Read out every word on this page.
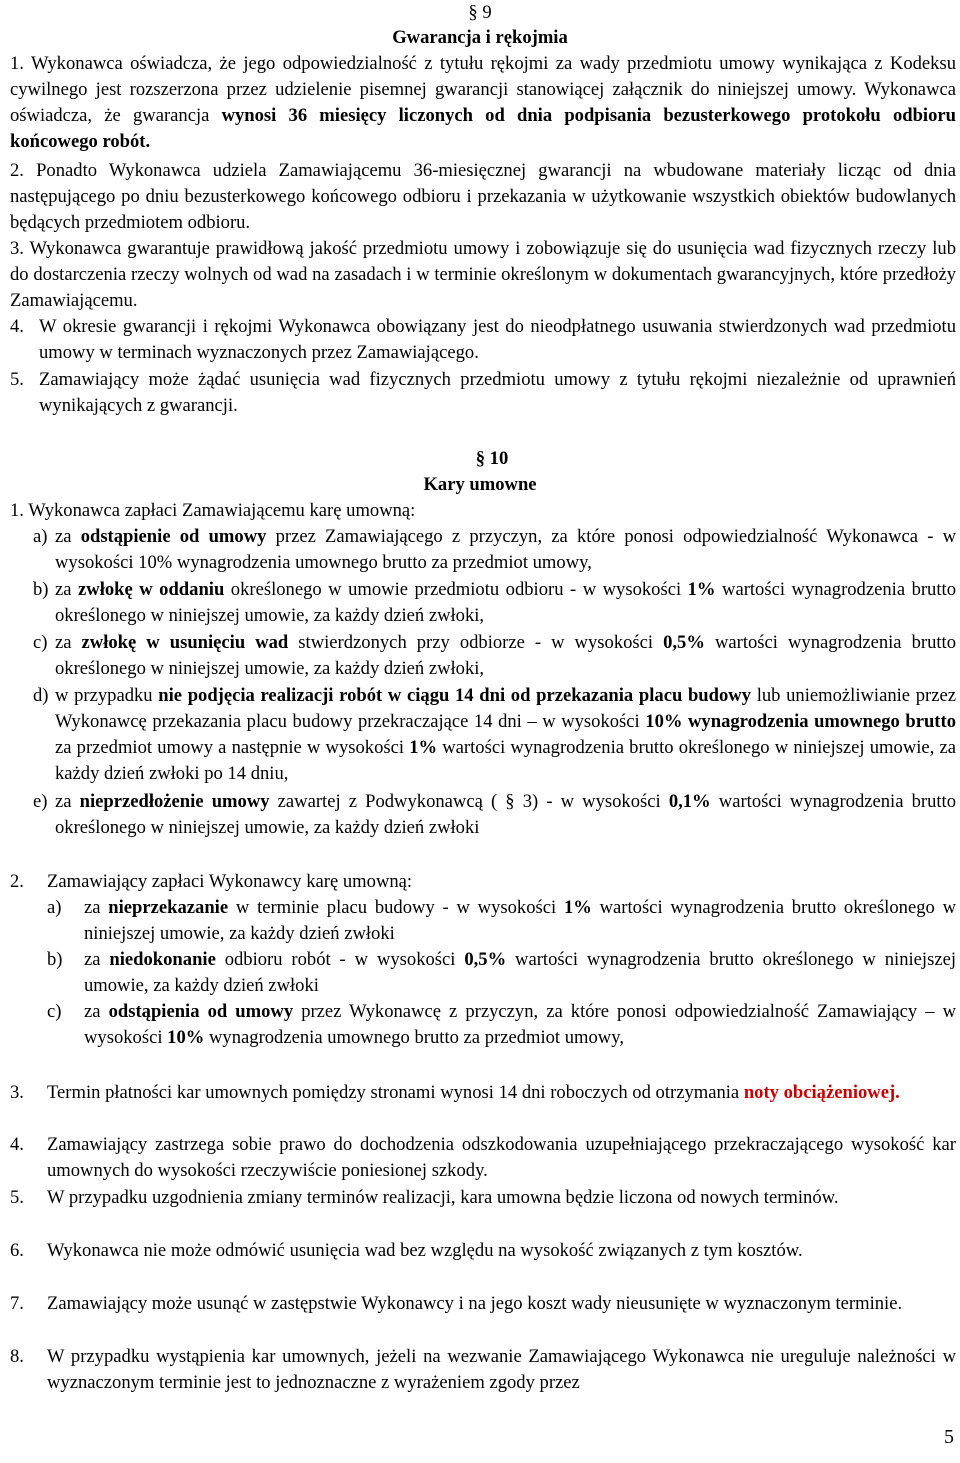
§ 9
Gwarancja i rękojmia
1. Wykonawca oświadcza, że jego odpowiedzialność z tytułu rękojmi za wady przedmiotu umowy wynikająca z Kodeksu cywilnego jest rozszerzona przez udzielenie pisemnej gwarancji stanowiącej załącznik do niniejszej umowy. Wykonawca oświadcza, że gwarancja wynosi 36 miesięcy liczonych od dnia podpisania bezusterkowego protokołu odbioru końcowego robót.
2. Ponadto Wykonawca udziela Zamawiającemu 36-miesięcznej gwarancji na wbudowane materiały licząc od dnia następującego po dniu bezusterkowego końcowego odbioru i przekazania w użytkowanie wszystkich obiektów budowlanych będących przedmiotem odbioru.
3. Wykonawca gwarantuje prawidłową jakość przedmiotu umowy i zobowiązuje się do usunięcia wad fizycznych rzeczy lub do dostarczenia rzeczy wolnych od wad na zasadach i w terminie określonym w dokumentach gwarancyjnych, które przedłoży Zamawiającemu.
4. W okresie gwarancji i rękojmi Wykonawca obowiązany jest do nieodpłatnego usuwania stwierdzonych wad przedmiotu umowy w terminach wyznaczonych przez Zamawiającego.
5. Zamawiający może żądać usunięcia wad fizycznych przedmiotu umowy z tytułu rękojmi niezależnie od uprawnień wynikających z gwarancji.
§ 10
Kary umowne
1. Wykonawca zapłaci Zamawiającemu karę umowną:
a) za odstąpienie od umowy przez Zamawiającego z przyczyn, za które ponosi odpowiedzialność Wykonawca - w wysokości 10% wynagrodzenia umownego brutto za przedmiot umowy,
b) za zwłokę w oddaniu określonego w umowie przedmiotu odbioru - w wysokości 1% wartości wynagrodzenia brutto określonego w niniejszej umowie, za każdy dzień zwłoki,
c) za zwłokę w usunięciu wad stwierdzonych przy odbiorze - w wysokości 0,5% wartości wynagrodzenia brutto określonego w niniejszej umowie, za każdy dzień zwłoki,
d) w przypadku nie podjęcia realizacji robót w ciągu 14 dni od przekazania placu budowy lub uniemożliwianie przez Wykonawcę przekazania placu budowy przekraczające 14 dni – w wysokości 10% wynagrodzenia umownego brutto za przedmiot umowy a następnie w wysokości 1% wartości wynagrodzenia brutto określonego w niniejszej umowie, za każdy dzień zwłoki po 14 dniu,
e) za nieprzedłożenie umowy zawartej z Podwykonawcą ( § 3) - w wysokości 0,1% wartości wynagrodzenia brutto określonego w niniejszej umowie, za każdy dzień zwłoki
2. Zamawiający zapłaci Wykonawcy karę umowną:
a) za nieprzekazanie w terminie placu budowy - w wysokości 1% wartości wynagrodzenia brutto określonego w niniejszej umowie, za każdy dzień zwłoki
b) za niedokonanie odbioru robót - w wysokości 0,5% wartości wynagrodzenia brutto określonego w niniejszej umowie, za każdy dzień zwłoki
c) za odstąpienia od umowy przez Wykonawcę z przyczyn, za które ponosi odpowiedzialność Zamawiający – w wysokości 10% wynagrodzenia umownego brutto za przedmiot umowy,
3. Termin płatności kar umownych pomiędzy stronami wynosi 14 dni roboczych od otrzymania noty obciążeniowej.
4. Zamawiający zastrzega sobie prawo do dochodzenia odszkodowania uzupełniającego przekraczającego wysokość kar umownych do wysokości rzeczywiście poniesionej szkody.
5. W przypadku uzgodnienia zmiany terminów realizacji, kara umowna będzie liczona od nowych terminów.
6. Wykonawca nie może odmówić usunięcia wad bez względu na wysokość związanych z tym kosztów.
7. Zamawiający może usunąć w zastępstwie Wykonawcy i na jego koszt wady nieusunięte w wyznaczonym terminie.
8. W przypadku wystąpienia kar umownych, jeżeli na wezwanie Zamawiającego Wykonawca nie ureguluje należności w wyznaczonym terminie jest to jednoznaczne z wyrażeniem zgody przez
5
